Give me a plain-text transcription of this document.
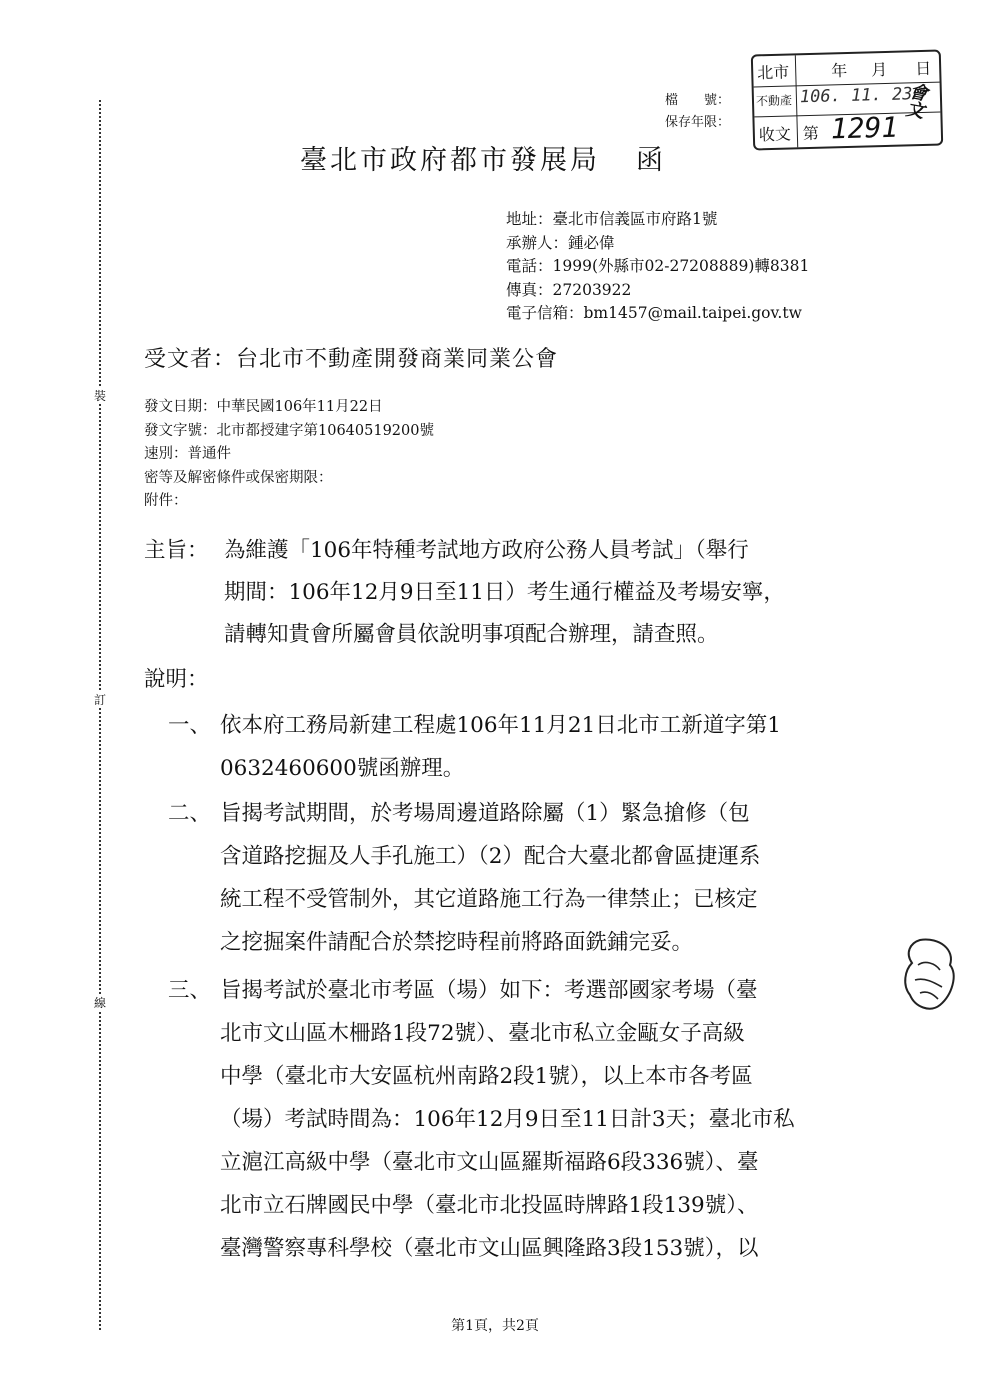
裝
訂
線
檔　　號：
保存年限：
北市	年 月 日
不動產 106. 11. 23
收文 第 1291
會文
臺北市政府都市發展局 函
地址：臺北市信義區市府路1號
承辦人：鍾必偉
電話：1999(外縣市02-27208889)轉8381
傳真：27203922
電子信箱：bm1457@mail.taipei.gov.tw
受文者：台北市不動產開發商業同業公會
發文日期：中華民國106年11月22日
發文字號：北市都授建字第10640519200號
速別：普通件
密等及解密條件或保密期限：
附件：
主旨： 為維護「106年特種考試地方政府公務人員考試」（舉行
期間：106年12月9日至11日）考生通行權益及考場安寧，
請轉知貴會所屬會員依說明事項配合辦理，請查照。
說明：
一、 依本府工務局新建工程處106年11月21日北市工新道字第1
0632460600號函辦理。
二、 旨揭考試期間，於考場周邊道路除屬（1）緊急搶修（包
含道路挖掘及人手孔施工）（2）配合大臺北都會區捷運系
統工程不受管制外，其它道路施工行為一律禁止；已核定
之挖掘案件請配合於禁挖時程前將路面銑鋪完妥。
三、 旨揭考試於臺北市考區（場）如下：考選部國家考場（臺
北市文山區木柵路1段72號）、臺北市私立金甌女子高級
中學（臺北市大安區杭州南路2段1號），以上本市各考區
（場）考試時間為：106年12月9日至11日計3天；臺北市私
立滬江高級中學（臺北市文山區羅斯福路6段336號）、臺
北市立石牌國民中學（臺北市北投區時牌路1段139號）、
臺灣警察專科學校（臺北市文山區興隆路3段153號），以
第1頁，共2頁
